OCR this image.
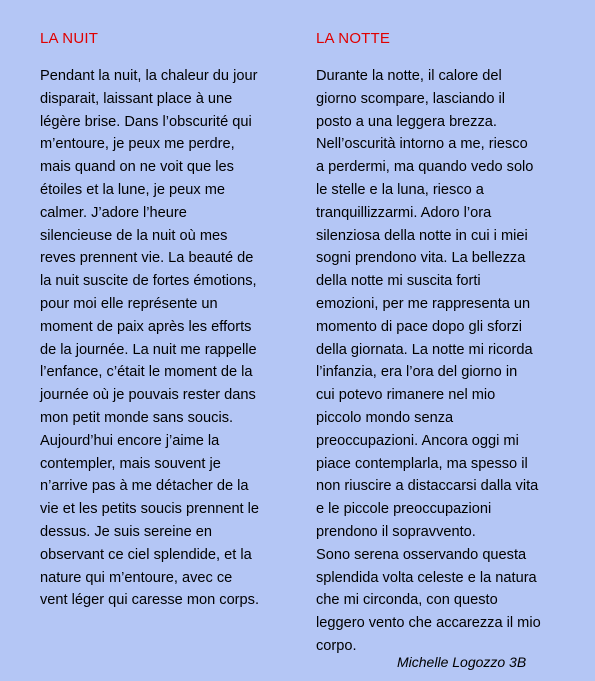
LA NUIT
Pendant la nuit, la chaleur du jour
disparait, laissant place à une
légère brise. Dans l’obscurité qui
m’entoure, je peux me perdre,
mais quand on ne voit que les
étoiles et la lune, je peux me
calmer. J’adore l’heure
silencieuse de la nuit où mes
reves prennent vie. La beauté de
la nuit suscite de fortes émotions,
pour moi elle représente un
moment de paix après les efforts
de la journée. La nuit me rappelle
l’enfance, c’était le moment de la
journée où je pouvais rester dans
mon petit monde sans soucis.
Aujourd’hui encore j’aime la
contempler, mais souvent je
n’arrive pas à me détacher de la
vie et les petits soucis prennent le
dessus. Je suis sereine en
observant ce ciel splendide, et la
nature qui m’entoure, avec ce
vent léger qui caresse mon corps.
LA NOTTE
Durante la notte, il calore del
giorno scompare, lasciando il
posto a una leggera brezza.
Nell’oscurità intorno a me, riesco
a perdermi, ma quando vedo solo
le stelle e la luna, riesco a
tranquillizzarmi. Adoro l’ora
silenziosa della notte in cui i miei
sogni prendono vita. La bellezza
della notte mi suscita forti
emozioni, per me rappresenta un
momento di pace dopo gli sforzi
della giornata. La notte mi ricorda
l’infanzia, era l’ora del giorno in
cui potevo rimanere nel mio
piccolo mondo senza
preoccupazioni. Ancora oggi mi
piace contemplarla, ma spesso il
non riuscire a distaccarsi dalla vita
e le piccole preoccupazioni
prendono il sopravvento.
Sono serena osservando questa
splendida volta celeste e la natura
che mi circonda, con questo
leggero vento che accarezza il mio
corpo.
Michelle Logozzo 3B
